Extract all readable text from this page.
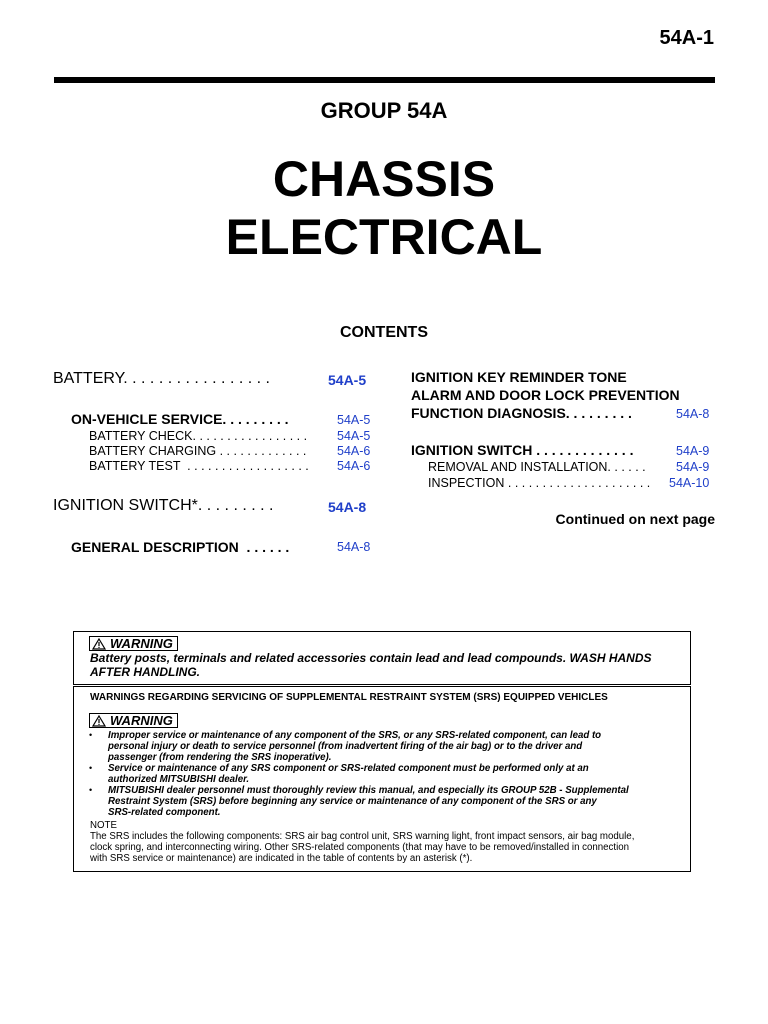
54A-1
GROUP 54A
CHASSIS
ELECTRICAL
CONTENTS
BATTERY. . . . . . . . . . . . . . . . .	54A-5
ON-VEHICLE SERVICE. . . . . . . . .	54A-5
BATTERY CHECK. . . . . . . . . . . . . . . . . 54A-5
BATTERY CHARGING . . . . . . . . . . . . . 54A-6
BATTERY TEST  . . . . . . . . . . . . . . . . . . 54A-6
IGNITION SWITCH*. . . . . . . . .	54A-8
GENERAL DESCRIPTION  . . . . . .	54A-8
IGNITION KEY REMINDER TONE
ALARM AND DOOR LOCK PREVENTION
FUNCTION DIAGNOSIS. . . . . . . . .	54A-8
IGNITION SWITCH . . . . . . . . . . . . .	54A-9
REMOVAL AND INSTALLATION. . . . . . 54A-9
INSPECTION . . . . . . . . . . . . . . . . . . . . . 54A-10
Continued on next page
WARNING
Battery posts, terminals and related accessories contain lead and lead compounds. WASH HANDS
AFTER HANDLING.
WARNINGS REGARDING SERVICING OF SUPPLEMENTAL RESTRAINT SYSTEM (SRS) EQUIPPED VEHICLES
WARNING
• Improper service or maintenance of any component of the SRS, or any SRS-related component, can lead to
personal injury or death to service personnel (from inadvertent firing of the air bag) or to the driver and
passenger (from rendering the SRS inoperative).
• Service or maintenance of any SRS component or SRS-related component must be performed only at an
authorized MITSUBISHI dealer.
• MITSUBISHI dealer personnel must thoroughly review this manual, and especially its GROUP 52B - Supplemental
Restraint System (SRS) before beginning any service or maintenance of any component of the SRS or any
SRS-related component.
NOTE
The SRS includes the following components: SRS air bag control unit, SRS warning light, front impact sensors, air bag module,
clock spring, and interconnecting wiring. Other SRS-related components (that may have to be removed/installed in connection
with SRS service or maintenance) are indicated in the table of contents by an asterisk (*).
